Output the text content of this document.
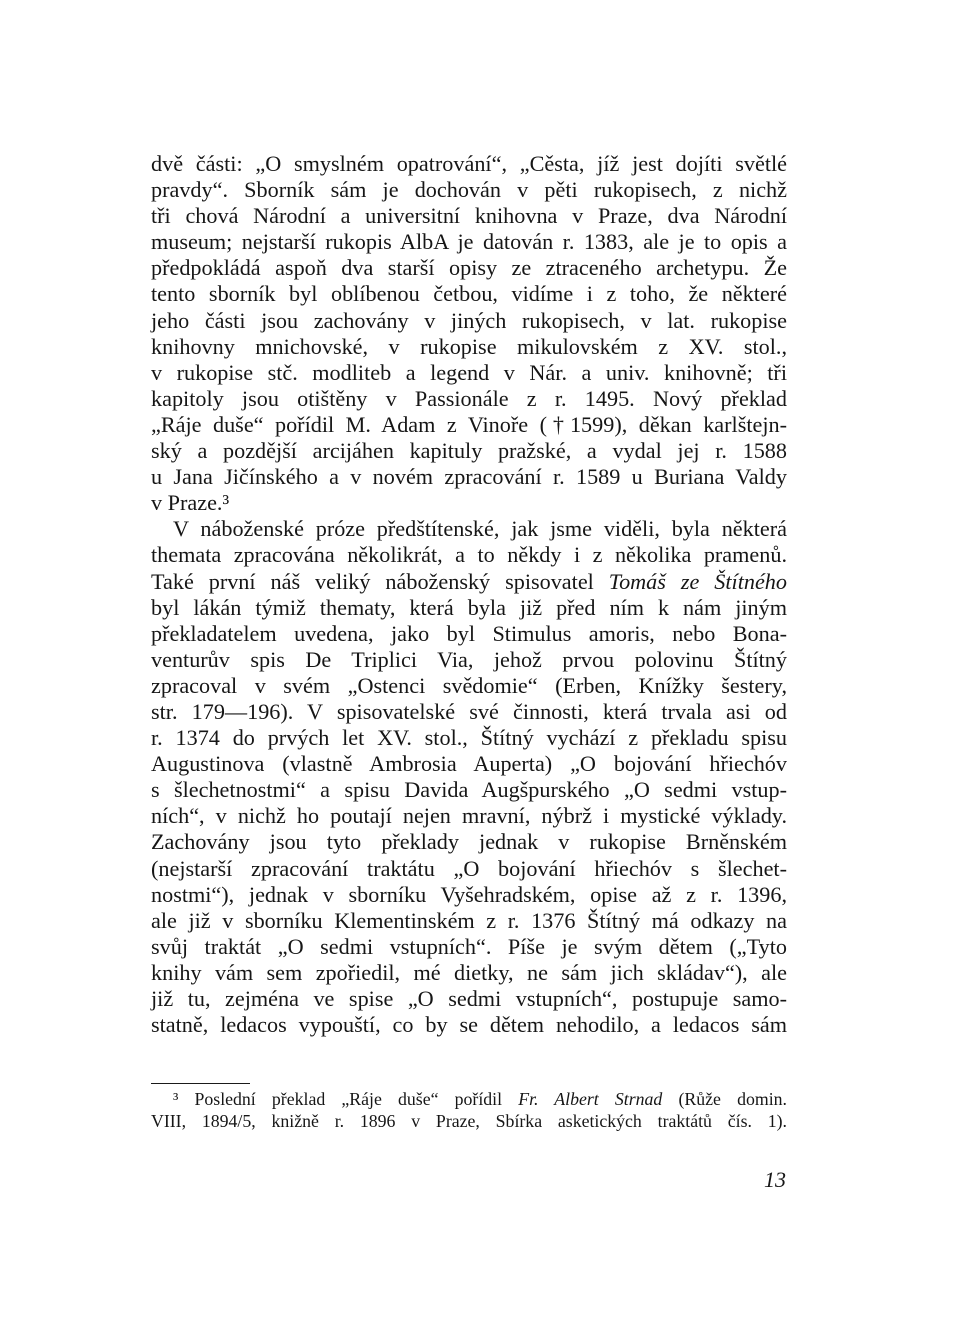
dvě části: „O smyslném opatrování“, „Cěsta, jíž jest dojíti světlé
pravdy“. Sborník sám je dochován v pěti rukopisech, z nichž
tři chová Národní a universitní knihovna v Praze, dva Národní
museum; nejstarší rukopis AlbA je datován r. 1383, ale je to opis a
předpokládá aspoň dva starší opisy ze ztraceného archetypu. Že
tento sborník byl oblíbenou četbou, vidíme i z toho, že některé
jeho části jsou zachovány v jiných rukopisech, v lat. rukopise
knihovny mnichovské, v rukopise mikulovském z XV. stol.,
v rukopise stč. modliteb a legend v Nár. a univ. knihovně; tři
kapitoly jsou otištěny v Passionále z r. 1495. Nový překlad
„Ráje duše“ pořídil M. Adam z Vinoře (†1599), děkan karlštejn-
ský a pozdější arcijáhen kapituly pražské, a vydal jej r. 1588
u Jana Jičínského a v novém zpracování r. 1589 u Buriana Valdy
v Praze.³
V náboženské próze předštítenské, jak jsme viděli, byla některá
themata zpracována několikrát, a to někdy i z několika pramenů.
Také první náš veliký náboženský spisovatel Tomáš ze Štítného
byl lákán týmiž thematy, která byla již před ním k nám jiným
překladatelem uvedena, jako byl Stimulus amoris, nebo Bona-
venturův spis De Triplici Via, jehož prvou polovinu Štítný
zpracoval v svém „Ostenci svědomie“ (Erben, Knížky šestery,
str. 179—196). V spisovatelské své činnosti, která trvala asi od
r. 1374 do prvých let XV. stol., Štítný vychází z překladu spisu
Augustinova (vlastně Ambrosia Auperta) „O bojování hřiechóv
s šlechetnostmi“ a spisu Davida Augšpurského „O sedmi vstup-
ních“, v nichž ho poutají nejen mravní, nýbrž i mystické výklady.
Zachovány jsou tyto překlady jednak v rukopise Brněnském
(nejstarší zpracování traktátu „O bojování hřiechóv s šlechet-
nostmi“), jednak v sborníku Vyšehradském, opise až z r. 1396,
ale již v sborníku Klementinském z r. 1376 Štítný má odkazy na
svůj traktát „O sedmi vstupních“. Píše je svým dětem („Tyto
knihy vám sem zpořiedil, mé dietky, ne sám jich skládav“), ale
již tu, zejména ve spise „O sedmi vstupních“, postupuje samo-
statně, ledacos vypouští, co by se dětem nehodilo, a ledacos sám
³ Poslední překlad „Ráje duše“ pořídil Fr. Albert Strnad (Růže domin.
VIII, 1894/5, knižně r. 1896 v Praze, Sbírka asketických traktátů čís. 1).
13
